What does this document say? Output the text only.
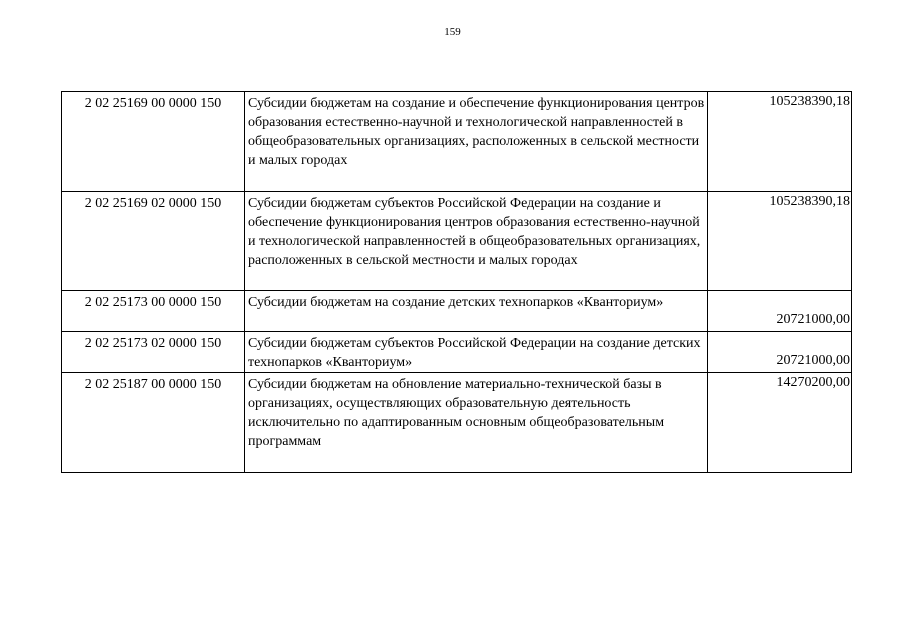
159
2 02 25169 00 0000 150	Субсидии бюджетам на создание и обеспечение функционирования центров образования естественно-научной и технологической направленностей в общеобразовательных организациях, расположенных в сельской местности и малых городах	105238390,18
2 02 25169 02 0000 150	Субсидии бюджетам субъектов Российской Федерации на создание и обеспечение функционирования центров образования естественно-научной и технологической направленностей в общеобразовательных организациях, расположенных в сельской местности и малых городах	105238390,18
2 02 25173 00 0000 150	Субсидии бюджетам на создание детских технопарков «Кванториум»	20721000,00
2 02 25173 02 0000 150	Субсидии бюджетам субъектов Российской Федерации на создание детских технопарков «Кванториум»	20721000,00
2 02 25187 00 0000 150	Субсидии бюджетам на обновление материально-технической базы в организациях, осуществляющих образовательную деятельность исключительно по адаптированным основным общеобразовательным программам	14270200,00
